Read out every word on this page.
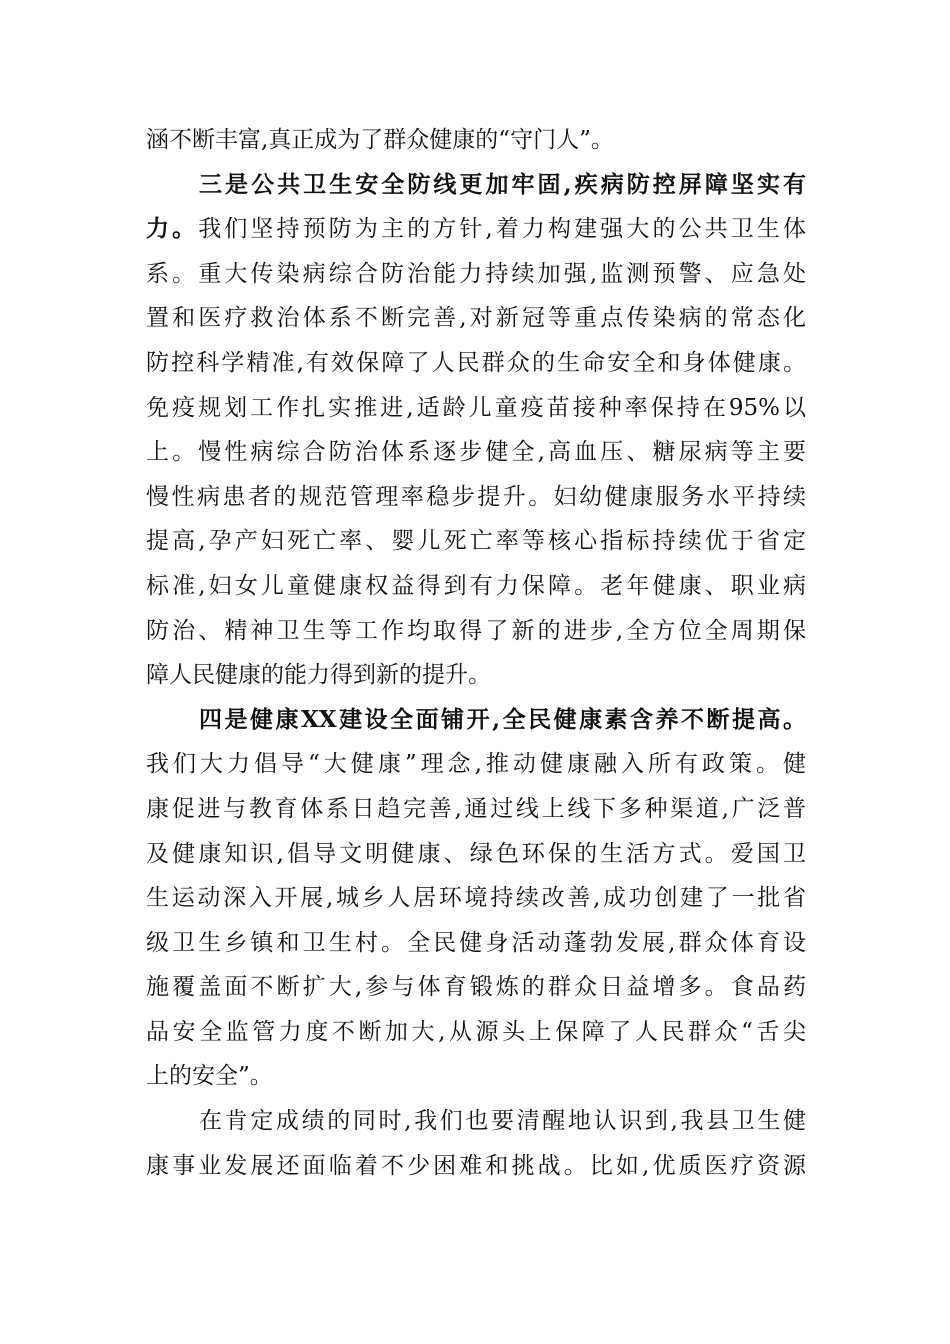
涵不断丰富,真正成为了群众健康的“守门人”。
三是公共卫生安全防线更加牢固,疾病防控屏障坚实有
力。我们坚持预防为主的方针,着力构建强大的公共卫生体
系。重大传染病综合防治能力持续加强,监测预警、应急处
置和医疗救治体系不断完善,对新冠等重点传染病的常态化
防控科学精准,有效保障了人民群众的生命安全和身体健康。
免疫规划工作扎实推进,适龄儿童疫苗接种率保持在95%以
上。慢性病综合防治体系逐步健全,高血压、糖尿病等主要
慢性病患者的规范管理率稳步提升。妇幼健康服务水平持续
提高,孕产妇死亡率、婴儿死亡率等核心指标持续优于省定
标准,妇女儿童健康权益得到有力保障。老年健康、职业病
防治、精神卫生等工作均取得了新的进步,全方位全周期保
障人民健康的能力得到新的提升。
四是健康XX建设全面铺开,全民健康素含养不断提高。
我们大力倡导“大健康”理念,推动健康融入所有政策。健
康促进与教育体系日趋完善,通过线上线下多种渠道,广泛普
及健康知识,倡导文明健康、绿色环保的生活方式。爱国卫
生运动深入开展,城乡人居环境持续改善,成功创建了一批省
级卫生乡镇和卫生村。全民健身活动蓬勃发展,群众体育设
施覆盖面不断扩大,参与体育锻炼的群众日益增多。食品药
品安全监管力度不断加大,从源头上保障了人民群众“舌尖
上的安全”。
在肯定成绩的同时,我们也要清醒地认识到,我县卫生健
康事业发展还面临着不少困难和挑战。比如,优质医疗资源
